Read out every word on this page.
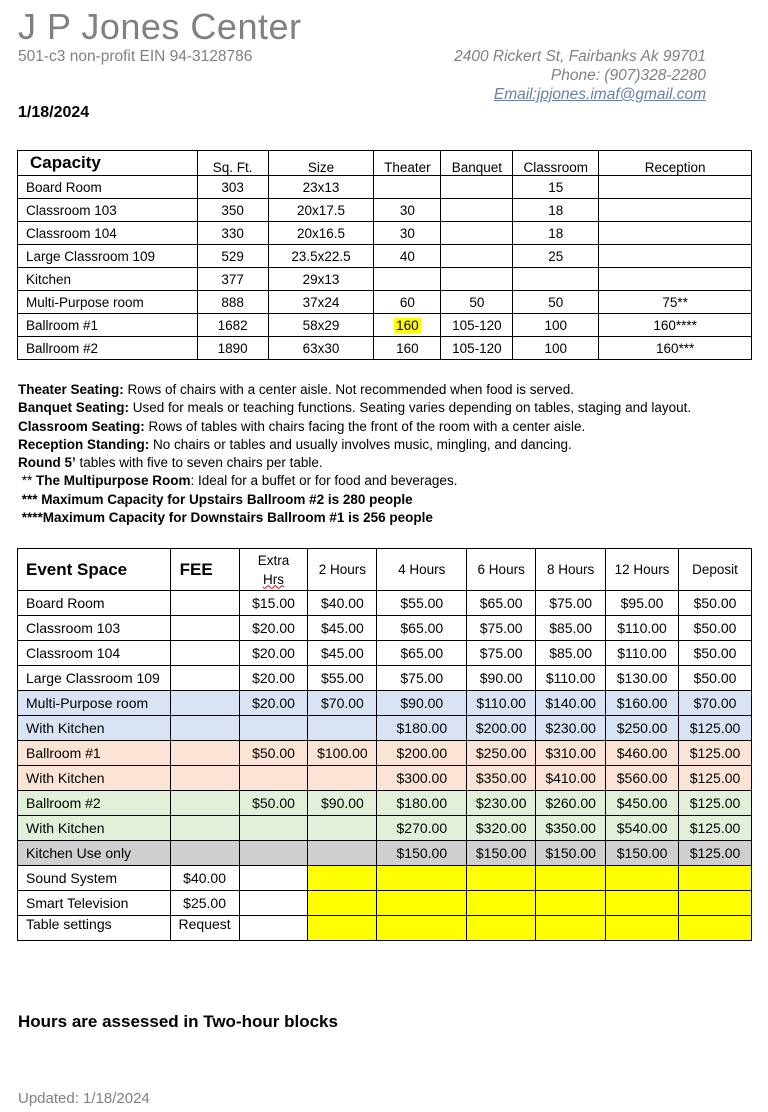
J P Jones Center
501-c3 non-profit EIN 94-3128786	2400 Rickert St, Fairbanks Ak 99701
Phone: (907)328-2280
Email:jpjones.imaf@gmail.com
1/18/2024
Capacity	Sq. Ft.	Size	Theater	Banquet	Classroom	Reception
Board Room	303	23x13			15	
Classroom 103	350	20x17.5	30		18	
Classroom 104	330	20x16.5	30		18	
Large Classroom 109	529	23.5x22.5	40		25	
Kitchen	377	29x13				
Multi-Purpose room	888	37x24	60	50	50	75**
Ballroom #1	1682	58x29	160	105-120	100	160****
Ballroom #2	1890	63x30	160	105-120	100	160***
Theater Seating: Rows of chairs with a center aisle. Not recommended when food is served.
Banquet Seating: Used for meals or teaching functions. Seating varies depending on tables, staging and layout.
Classroom Seating: Rows of tables with chairs facing the front of the room with a center aisle.
Reception Standing: No chairs or tables and usually involves music, mingling, and dancing.
Round 5’ tables with five to seven chairs per table.
** The Multipurpose Room: Ideal for a buffet or for food and beverages.
*** Maximum Capacity for Upstairs Ballroom #2 is 280 people
****Maximum Capacity for Downstairs Ballroom #1 is 256 people
Event Space	FEE	Extra
Hrs	2 Hours	4 Hours	6 Hours	8 Hours	12 Hours	Deposit
Board Room		$15.00	$40.00	$55.00	$65.00	$75.00	$95.00	$50.00
Classroom 103		$20.00	$45.00	$65.00	$75.00	$85.00	$110.00	$50.00
Classroom 104		$20.00	$45.00	$65.00	$75.00	$85.00	$110.00	$50.00
Large Classroom 109		$20.00	$55.00	$75.00	$90.00	$110.00	$130.00	$50.00
Multi-Purpose room		$20.00	$70.00	$90.00	$110.00	$140.00	$160.00	$70.00
With Kitchen				$180.00	$200.00	$230.00	$250.00	$125.00
Ballroom #1		$50.00	$100.00	$200.00	$250.00	$310.00	$460.00	$125.00
With Kitchen				$300.00	$350.00	$410.00	$560.00	$125.00
Ballroom #2		$50.00	$90.00	$180.00	$230.00	$260.00	$450.00	$125.00
With Kitchen				$270.00	$320.00	$350.00	$540.00	$125.00
Kitchen Use only				$150.00	$150.00	$150.00	$150.00	$125.00
Sound System	$40.00							
Smart Television	$25.00							
Table settings	Request							
Hours are assessed in Two-hour blocks
Updated: 1/18/2024
